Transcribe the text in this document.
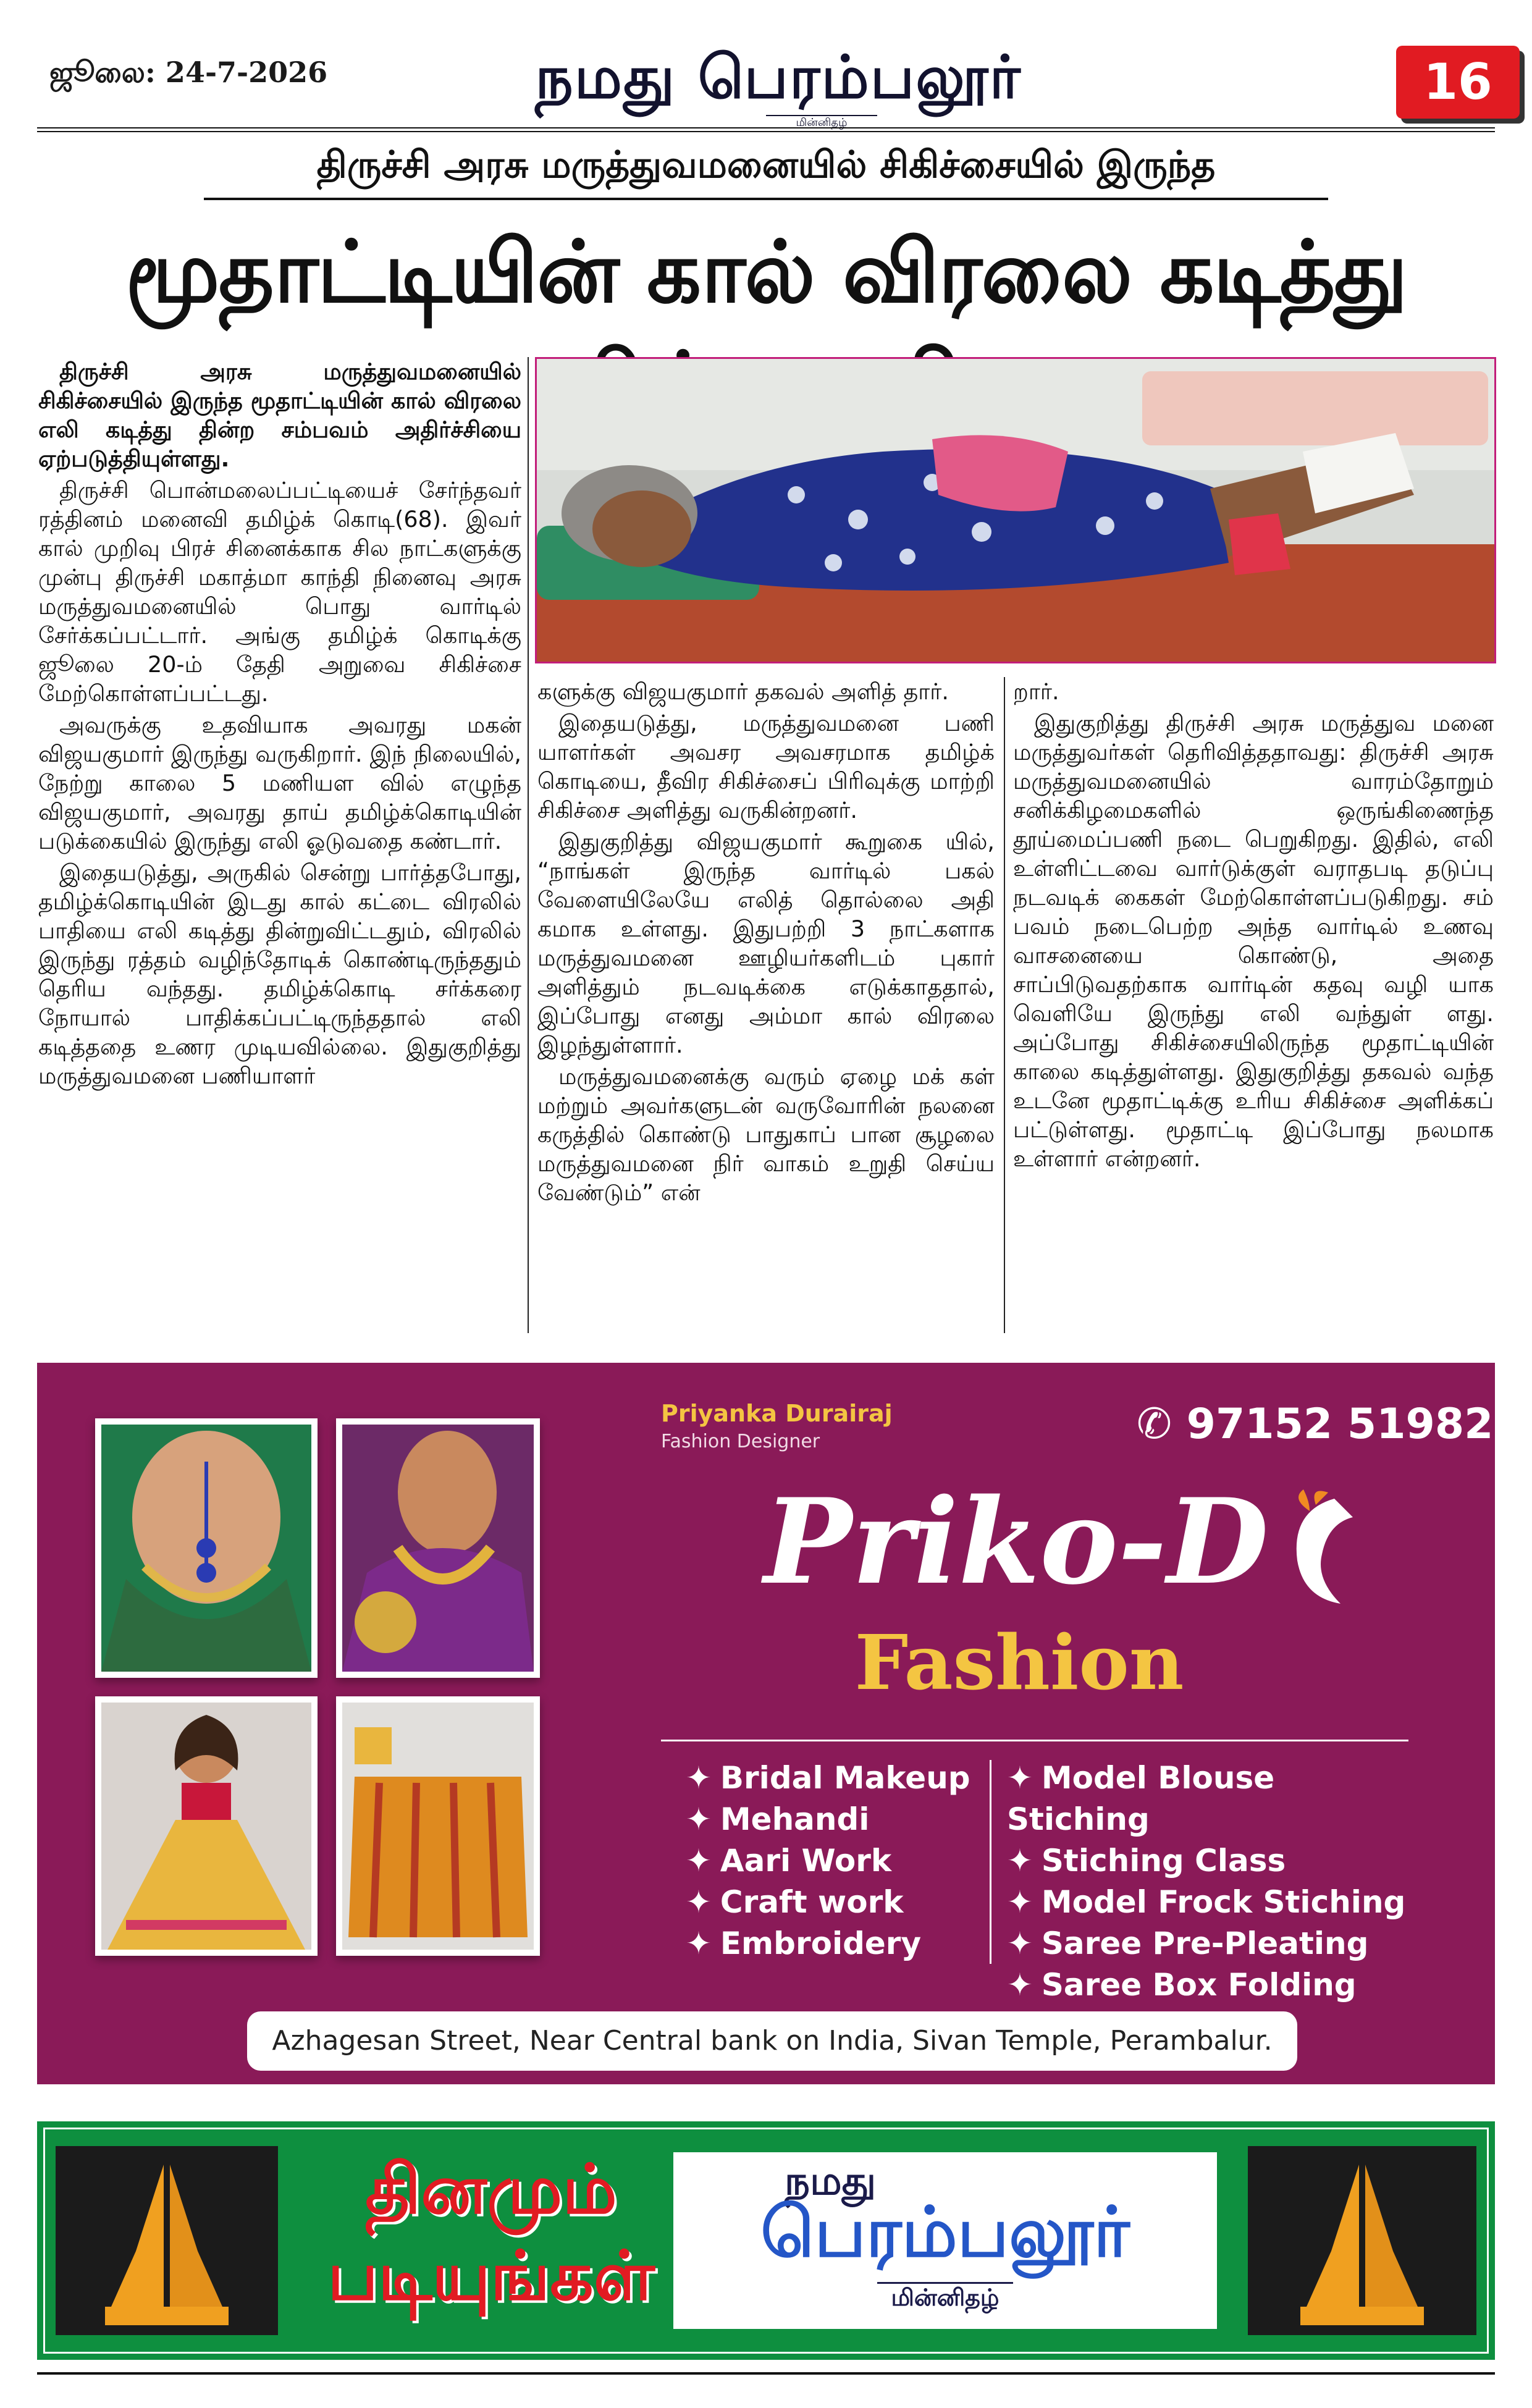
ஜூலை: 24-7-2026	நமது பெரம்பலூர்
மின்னிதழ்
16
திருச்சி அரசு மருத்துவமனையில் சிகிச்சையில் இருந்த
மூதாட்டியின் கால் விரலை கடித்து

திருச்சி அரசு மருத்துவமனையில் சிகிச்சையில் இருந்த மூதாட்டியின் கால் விரலை எலி கடித்து தின்ற சம்பவம் அதிர்ச்சியை ஏற்படுத்தியுள்ளது.

திருச்சி பொன்மலைப்பட்டியைச் சேர்ந்தவர் ரத்தினம் மனைவி தமிழ்க் கொடி(68). இவர் கால் முறிவு பிரச் சினைக்காக சில நாட்களுக்கு முன்பு திருச்சி மகாத்மா காந்தி நினைவு அரசு மருத்துவமனையில் பொது வார்டில் சேர்க்கப்பட்டார். அங்கு தமிழ்க் கொடிக்கு ஜூலை 20-ம் தேதி அறுவை சிகிச்சை மேற்கொள்ளப்பட்டது.

அவருக்கு உதவியாக அவரது மகன் விஜயகுமார் இருந்து வருகிறார். இந் நிலையில், நேற்று காலை 5 மணியள வில் எழுந்த விஜயகுமார், அவரது தாய் தமிழ்க்கொடியின் படுக்கையில் இருந்து எலி ஓடுவதை கண்டார்.

இதையடுத்து, அருகில் சென்று பார்த்தபோது, தமிழ்க்கொடியின் இடது கால் கட்டை விரலில் பாதியை எலி கடித்து தின்றுவிட்டதும், விரலில் இருந்து ரத்தம் வழிந்தோடிக் கொண்டிருந்ததும் தெரிய வந்தது. தமிழ்க்கொடி சர்க்கரை நோயால் பாதிக்கப்பட்டிருந்ததால் எலி கடித்ததை உணர முடியவில்லை. இதுகுறித்து மருத்துவமனை பணியாளர்

களுக்கு விஜயகுமார் தகவல் அளித் தார்.

இதையடுத்து, மருத்துவமனை பணி யாளர்கள் அவசர அவசரமாக தமிழ்க் கொடியை, தீவிர சிகிச்சைப் பிரிவுக்கு மாற்றி சிகிச்சை அளித்து வருகின்றனர்.

இதுகுறித்து விஜயகுமார் கூறுகை யில், “நாங்கள் இருந்த வார்டில் பகல் வேளையிலேயே எலித் தொல்லை அதி கமாக உள்ளது. இதுபற்றி 3 நாட்களாக மருத்துவமனை ஊழியர்களிடம் புகார் அளித்தும் நடவடிக்கை எடுக்காததால், இப்போது எனது அம்மா கால் விரலை இழந்துள்ளார்.

மருத்துவமனைக்கு வரும் ஏழை மக் கள் மற்றும் அவர்களுடன் வருவோரின் நலனை கருத்தில் கொண்டு பாதுகாப் பான சூழலை மருத்துவமனை நிர் வாகம் உறுதி செய்ய வேண்டும்” என்

றார்.

இதுகுறித்து திருச்சி அரசு மருத்துவ மனை மருத்துவர்கள் தெரிவித்ததாவது: திருச்சி அரசு மருத்துவமனையில் வாரம்தோறும் சனிக்கிழமைகளில் ஒருங்கிணைந்த தூய்மைப்பணி நடை பெறுகிறது. இதில், எலி உள்ளிட்டவை வார்டுக்குள் வராதபடி தடுப்பு நடவடிக் கைகள் மேற்கொள்ளப்படுகிறது. சம் பவம் நடைபெற்ற அந்த வார்டில் உணவு வாசனையை கொண்டு, அதை சாப்பிடுவதற்காக வார்டின் கதவு வழி யாக வெளியே இருந்து எலி வந்துள் ளது. அப்போது சிகிச்சையிலிருந்த மூதாட்டியின் காலை கடித்துள்ளது. இதுகுறித்து தகவல் வந்த உடனே மூதாட்டிக்கு உரிய சிகிச்சை அளிக்கப் பட்டுள்ளது. மூதாட்டி இப்போது நலமாக உள்ளார் என்றனர்.

Priyanka Durairaj
Fashion Designer	✆ 97152 51982
Priko-D
Fashion
✦ Bridal Makeup
✦ Mehandi
✦ Aari Work
✦ Craft work
✦ Embroidery
✦ Model Blouse Stiching
✦ Stiching Class
✦ Model Frock Stiching
✦ Saree Pre-Pleating
✦ Saree Box Folding
Azhagesan Street, Near Central bank on India, Sivan Temple, Perambalur.
தினமும்
படியுங்கள்
நமது
பெரம்பலூர்
மின்னிதழ்
